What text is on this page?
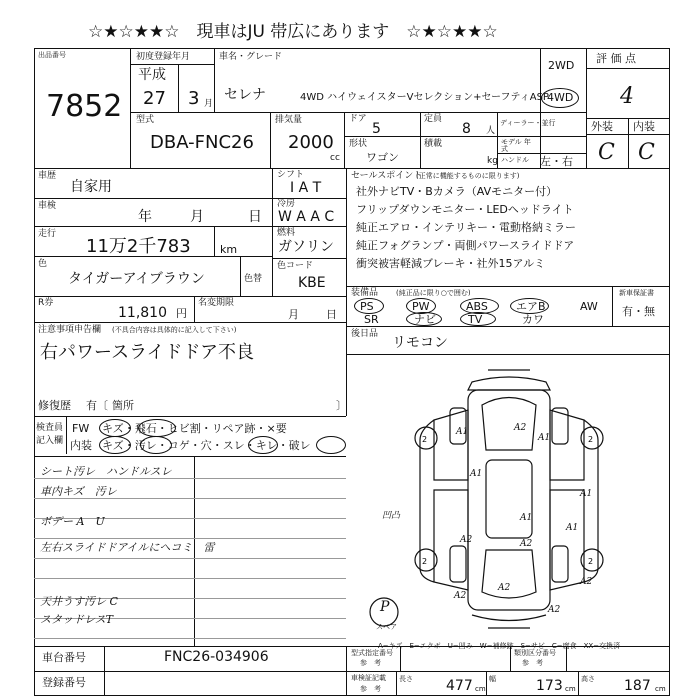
☆★☆★★☆　現車はJU 帯広にあります　☆★☆★★☆
出品番号
7852
初度登録年月
平成
27 3 月
車名・グレード
セレナ	4WD ハイウェイスターVセレクション+セーフティASP
2WD
4WD
評 価 点
4
外装 内装
C C
型式
DBA-FNC26
排気量
2000
cc
ドア
5
定員
8 人
ディーラー・並行
形状
ワゴン
積載
kg
モデル 年式
ハンドル 左・右
車歴
自家用
車検
年	月	日
走行
11万2千783	km
色
タイガーアイブラウン	色替
シフト
I A T
冷房
W A A C
燃料
ガソリン
色コード
KBE
R券
11,810 円
名変期限
月 日
注意事項申告欄 (不具合内容は具体的に記入して下さい)
右パワースライドドア不良
修復歴 有〔 箇所	〕
セールスポイント
(正常に機能するものに限ります)
社外ナビTV・Bカメラ（AVモニター付）
フリップダウンモニター・LEDヘッドライト
純正エアロ・インテリキー・電動格納ミラー
純正フォグランプ・両側パワースライドドア
衝突被害軽減ブレーキ・社外15アルミ
装備品	(純正品に限り○で囲む)	新車保証書
有・無
後日品
リモコン
検査員
記入欄
FW キズ・飛石・ヒビ割・リペア跡・×要
内装 キズ・汚レ・コゲ・穴・スレ・キレ・破レ	2	2
2	2
P
スペア
凹凸
A−キズ　E−エクボ　U−凹み　W−補修跡　S−サビ　C−腐食　XX−交換済
車台番号	FNC26-034906
登録番号
型式指定番号
参　考
類別区分番号
参　考
車検証記載
参　考
長さ 477 cm
幅	173 cm
高さ 187 cm
PS	PW	ABS	エアB	AW
SR	ナビ	TV	カワ
シート汚レ　ハンドルスレ
車内キズ　汚レ
ボデー A　U
左右スライドドアイルにヘコミ　雷
天井うす汚レ C
スタッドレスT
A1
A1
A1
A1
A1
A1
A2
A2
A2
A2
A2
A2
A2
